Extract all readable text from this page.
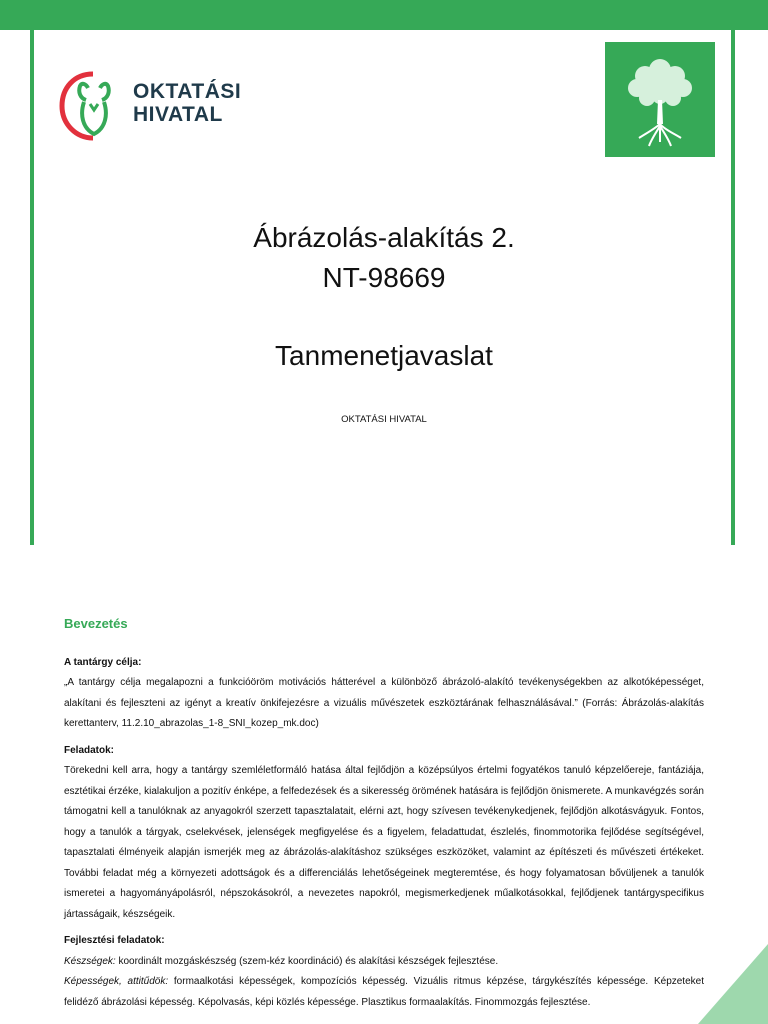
OKTATÁSI
HIVATAL
Ábrázolás-alakítás 2.
NT-98669
Tanmenetjavaslat
OKTATÁSI HIVATAL
Bevezetés
A tantárgy célja:

„A tantárgy célja megalapozni a funkcióöröm motivációs hátterével a különböző ábrázoló-alakító tevékenységekben az alkotóképességet, alakítani és fejleszteni az igényt a kreatív önkifejezésre a vizuális művészetek eszköztárának felhasználásával.” (Forrás: Ábrázolás-alakítás kerettanterv, 11.2.10_abrazolas_1-8_SNI_kozep_mk.doc)

Feladatok:

Törekedni kell arra, hogy a tantárgy szemléletformáló hatása által fejlődjön a középsúlyos értelmi fogyatékos tanuló képzelőereje, fantáziája, esztétikai érzéke, kialakuljon a pozitív énképe, a felfedezések és a sikeresség örömének hatására is fejlődjön önismerete. A munkavégzés során támogatni kell a tanulóknak az anyagokról szerzett tapasztalatait, elérni azt, hogy szívesen tevékenykedjenek, fejlődjön alkotásvágyuk. Fontos, hogy a tanulók a tárgyak, cselekvések, jelenségek megfigyelése és a figyelem, feladattudat, észlelés, finommotorika fejlődése segítségével, tapasztalati élményeik alapján ismerjék meg az ábrázolás-alakításhoz szükséges eszközöket, valamint az építészeti és művészeti értékeket. További feladat még a környezeti adottságok és a differenciálás lehetőségeinek megteremtése, és hogy folyamatosan bővüljenek a tanulók ismeretei a hagyományápolásról, népszokásokról, a nevezetes napokról, megismerkedjenek műalkotásokkal, fejlődjenek tantárgyspecifikus jártasságaik, készségeik.

Fejlesztési feladatok:

Készségek: koordinált mozgáskészség (szem-kéz koordináció) és alakítási készségek fejlesztése.

Képességek, attitűdök: formaalkotási képességek, kompozíciós képesség. Vizuális ritmus képzése, tárgykészítés képessége. Képzeteket felidéző ábrázolási képesség. Képolvasás, képi közlés képessége. Plasztikus formaalakítás. Finommozgás fejlesztése.
